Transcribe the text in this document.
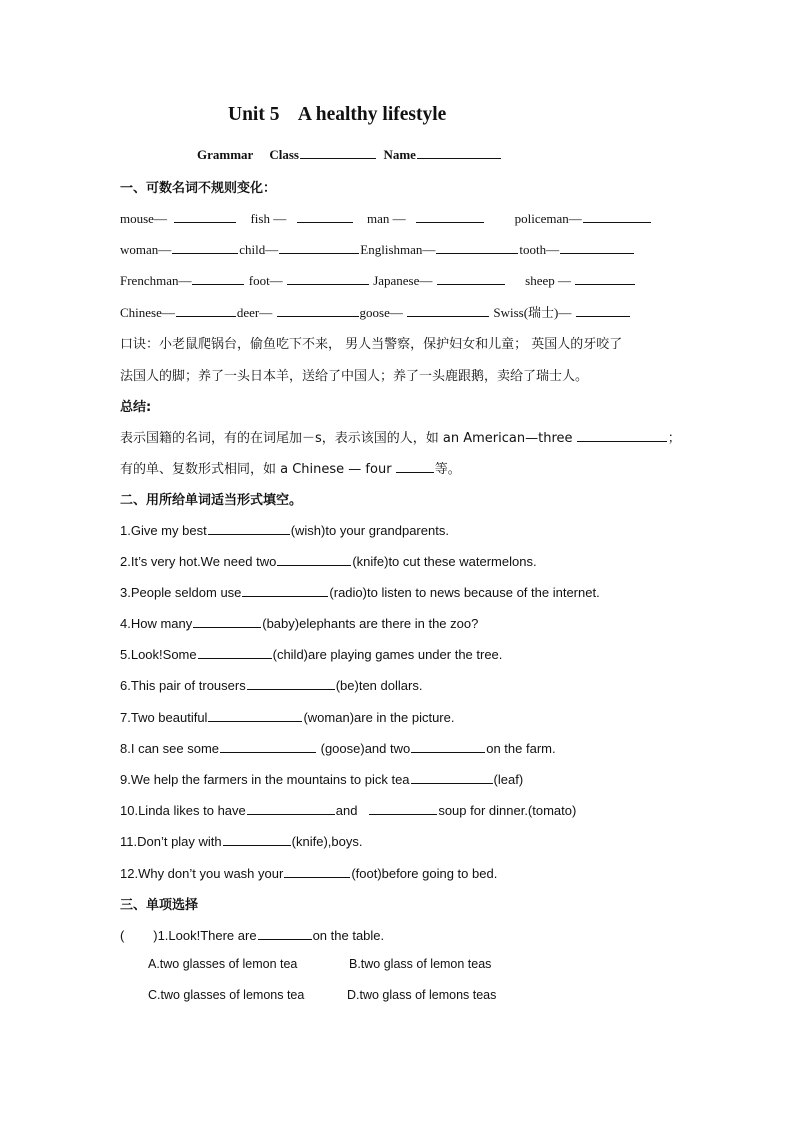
Unit 5    A healthy lifestyle
Grammar Class	Name
一、可数名词不规则变化：
mouse—	fish —	man —	policeman—
woman—	child—	Englishman—	tooth—
Frenchman—	foot—	Japanese—	sheep —
Chinese—	deer—	goose—	Swiss(瑞士)—
口诀：小老鼠爬锅台，偷鱼吃下不来， 男人当警察，保护妇女和儿童； 英国人的牙咬了
法国人的脚；养了一头日本羊，送给了中国人；养了一头鹿跟鹅，卖给了瑞士人。
总结:
表示国籍的名词，有的在词尾加－s，表示该国的人，如 an American—three	；
有的单、复数形式相同，如 a Chinese — four	等。
二、用所给单词适当形式填空。
1.Give my best	(wish)to your grandparents.
2.It’s very hot.We need two	(knife)to cut these watermelons.
3.People seldom use	(radio)to listen to news because of the internet.
4.How many	(baby)elephants are there in the zoo?
5.Look!Some	(child)are playing games under the tree.
6.This pair of trousers	(be)ten dollars.
7.Two beautiful	(woman)are in the picture.
8.I can see some	(goose)and two	on the farm.
9.We help the farmers in the mountains to pick tea	(leaf)
10.Linda likes to have	and	soup for dinner.(tomato)
11.Don’t play with	(knife),boys.
12.Why don’t you wash your	(foot)before going to bed.
三、单项选择
(        )1.Look!There are	on the table.
A.two glasses of lemon tea	B.two glass of lemon teas
C.two glasses of lemons tea	D.two glass of lemons teas
